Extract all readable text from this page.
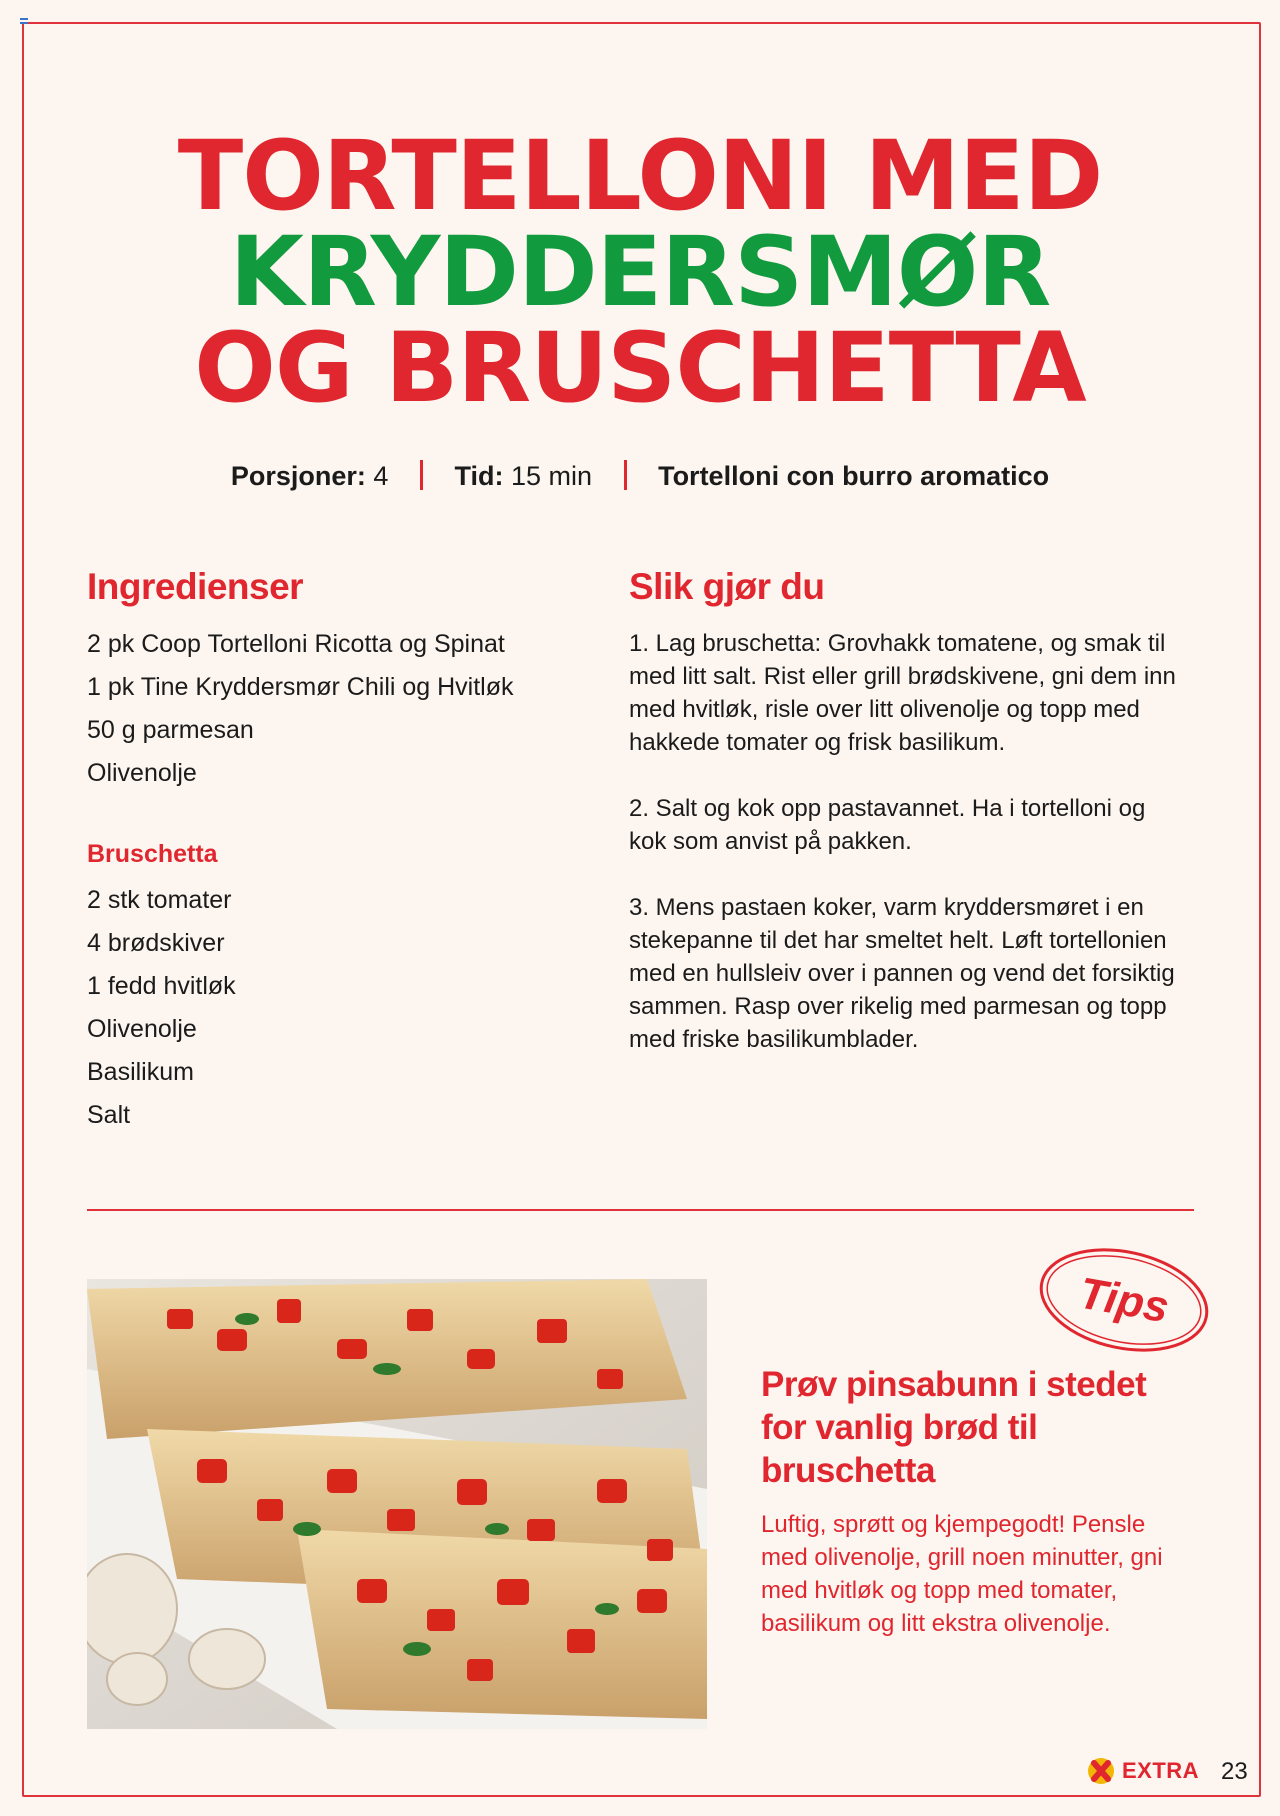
TORTELLONI MED
KRYDDERSMØR
OG BRUSCHETTA
Porsjoner: 4 Tid: 15 min Tortelloni con burro aromatico
Ingredienser
2 pk Coop Tortelloni Ricotta og Spinat
1 pk Tine Kryddersmør Chili og Hvitløk
50 g parmesan
Olivenolje
Bruschetta
2 stk tomater
4 brødskiver
1 fedd hvitløk
Olivenolje
Basilikum
Salt
Slik gjør du

1. Lag bruschetta: Grovhakk tomatene, og smak til med litt salt. Rist eller grill brødskivene, gni dem inn med hvitløk, risle over litt olivenolje og topp med hakkede tomater og frisk basilikum.

2. Salt og kok opp pastavannet. Ha i tortelloni og kok som anvist på pakken.

3. Mens pastaen koker, varm kryddersmøret i en stekepanne til det har smeltet helt. Løft tortellonien med en hullsleiv over i pannen og vend det forsiktig sammen. Rasp over rikelig med parmesan og topp med friske basilikumblader.

Tips
Prøv pinsabunn i stedet for vanlig brød til bruschetta
Luftig, sprøtt og kjempegodt! Pensle med olivenolje, grill noen minutter, gni med hvitløk og topp med tomater, basilikum og litt ekstra olivenolje.
EXTRA 23
